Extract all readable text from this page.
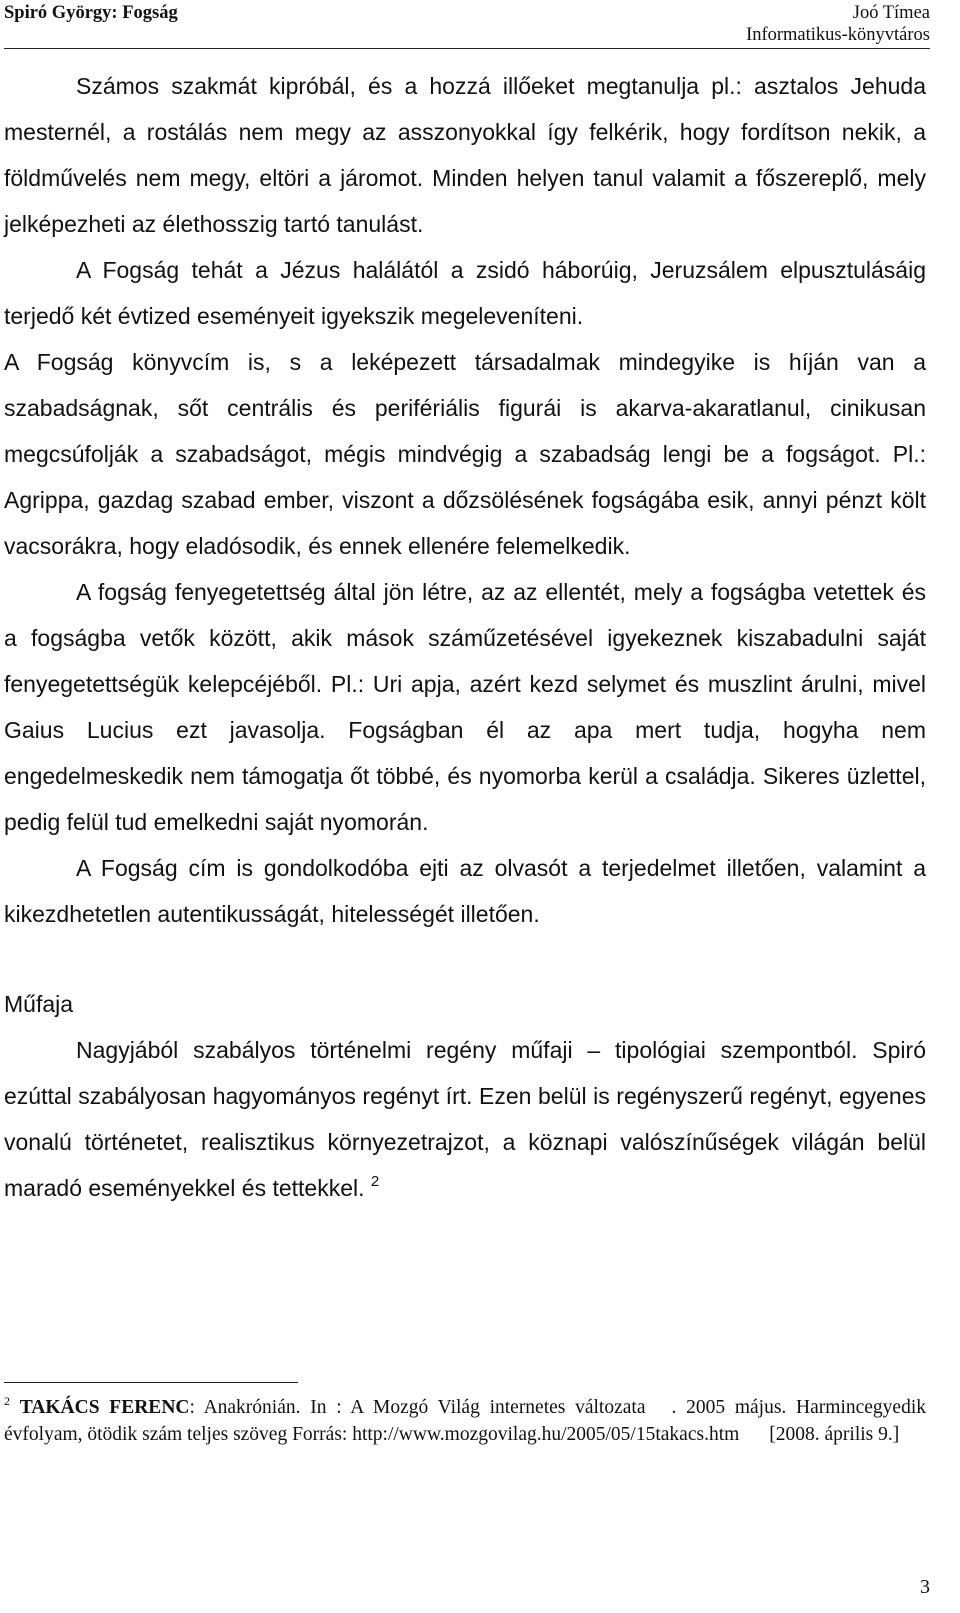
Spiró György: Fogság	Joó Tímea
Informatikus-könyvtáros

Számos szakmát kipróbál, és a hozzá illőeket megtanulja pl.: asztalos Jehuda mesternél, a rostálás nem megy az asszonyokkal így felkérik, hogy fordítson nekik, a földművelés nem megy, eltöri a járomot. Minden helyen tanul valamit a főszereplő, mely jelképezheti az élethosszig tartó tanulást.

A Fogság tehát a Jézus halálától a zsidó háborúig, Jeruzsálem elpusztulásáig terjedő két évtized eseményeit igyekszik megeleveníteni.

A Fogság könyvcím is, s a leképezett társadalmak mindegyike is híján van a szabadságnak, sőt centrális és perifériális figurái is akarva-akaratlanul, cinikusan megcsúfolják a szabadságot, mégis mindvégig a szabadság lengi be a fogságot. Pl.: Agrippa, gazdag szabad ember, viszont a dőzsölésének fogságába esik, annyi pénzt költ vacsorákra, hogy eladósodik, és ennek ellenére felemelkedik.

A fogság fenyegetettség által jön létre, az az ellentét, mely a fogságba vetettek és a fogságba vetők között, akik mások száműzetésével igyekeznek kiszabadulni saját fenyegetettségük kelepcéjéből. Pl.: Uri apja, azért kezd selymet és muszlint árulni, mivel Gaius Lucius ezt javasolja. Fogságban él az apa mert tudja, hogyha nem engedelmeskedik nem támogatja őt többé, és nyomorba kerül a családja. Sikeres üzlettel, pedig felül tud emelkedni saját nyomorán.

A Fogság cím is gondolkodóba ejti az olvasót a terjedelmet illetően, valamint a kikezdhetetlen autentikusságát, hitelességét illetően.

Műfaja

Nagyjából szabályos történelmi regény műfaji – tipológiai szempontból. Spiró ezúttal szabályosan hagyományos regényt írt. Ezen belül is regényszerű regényt, egyenes vonalú történetet, realisztikus környezetrajzot, a köznapi valószínűségek világán belül maradó eseményekkel és tettekkel. $^2$

$^2$ TAKÁCS FERENC: Anakrónián. In : A Mozgó Világ internetes változata . 2005 május. Harmincegyedik évfolyam, ötödik szám teljes szöveg Forrás: http://www.mozgovilag.hu/2005/05/15takacs.htm [2008. április 9.]
3
